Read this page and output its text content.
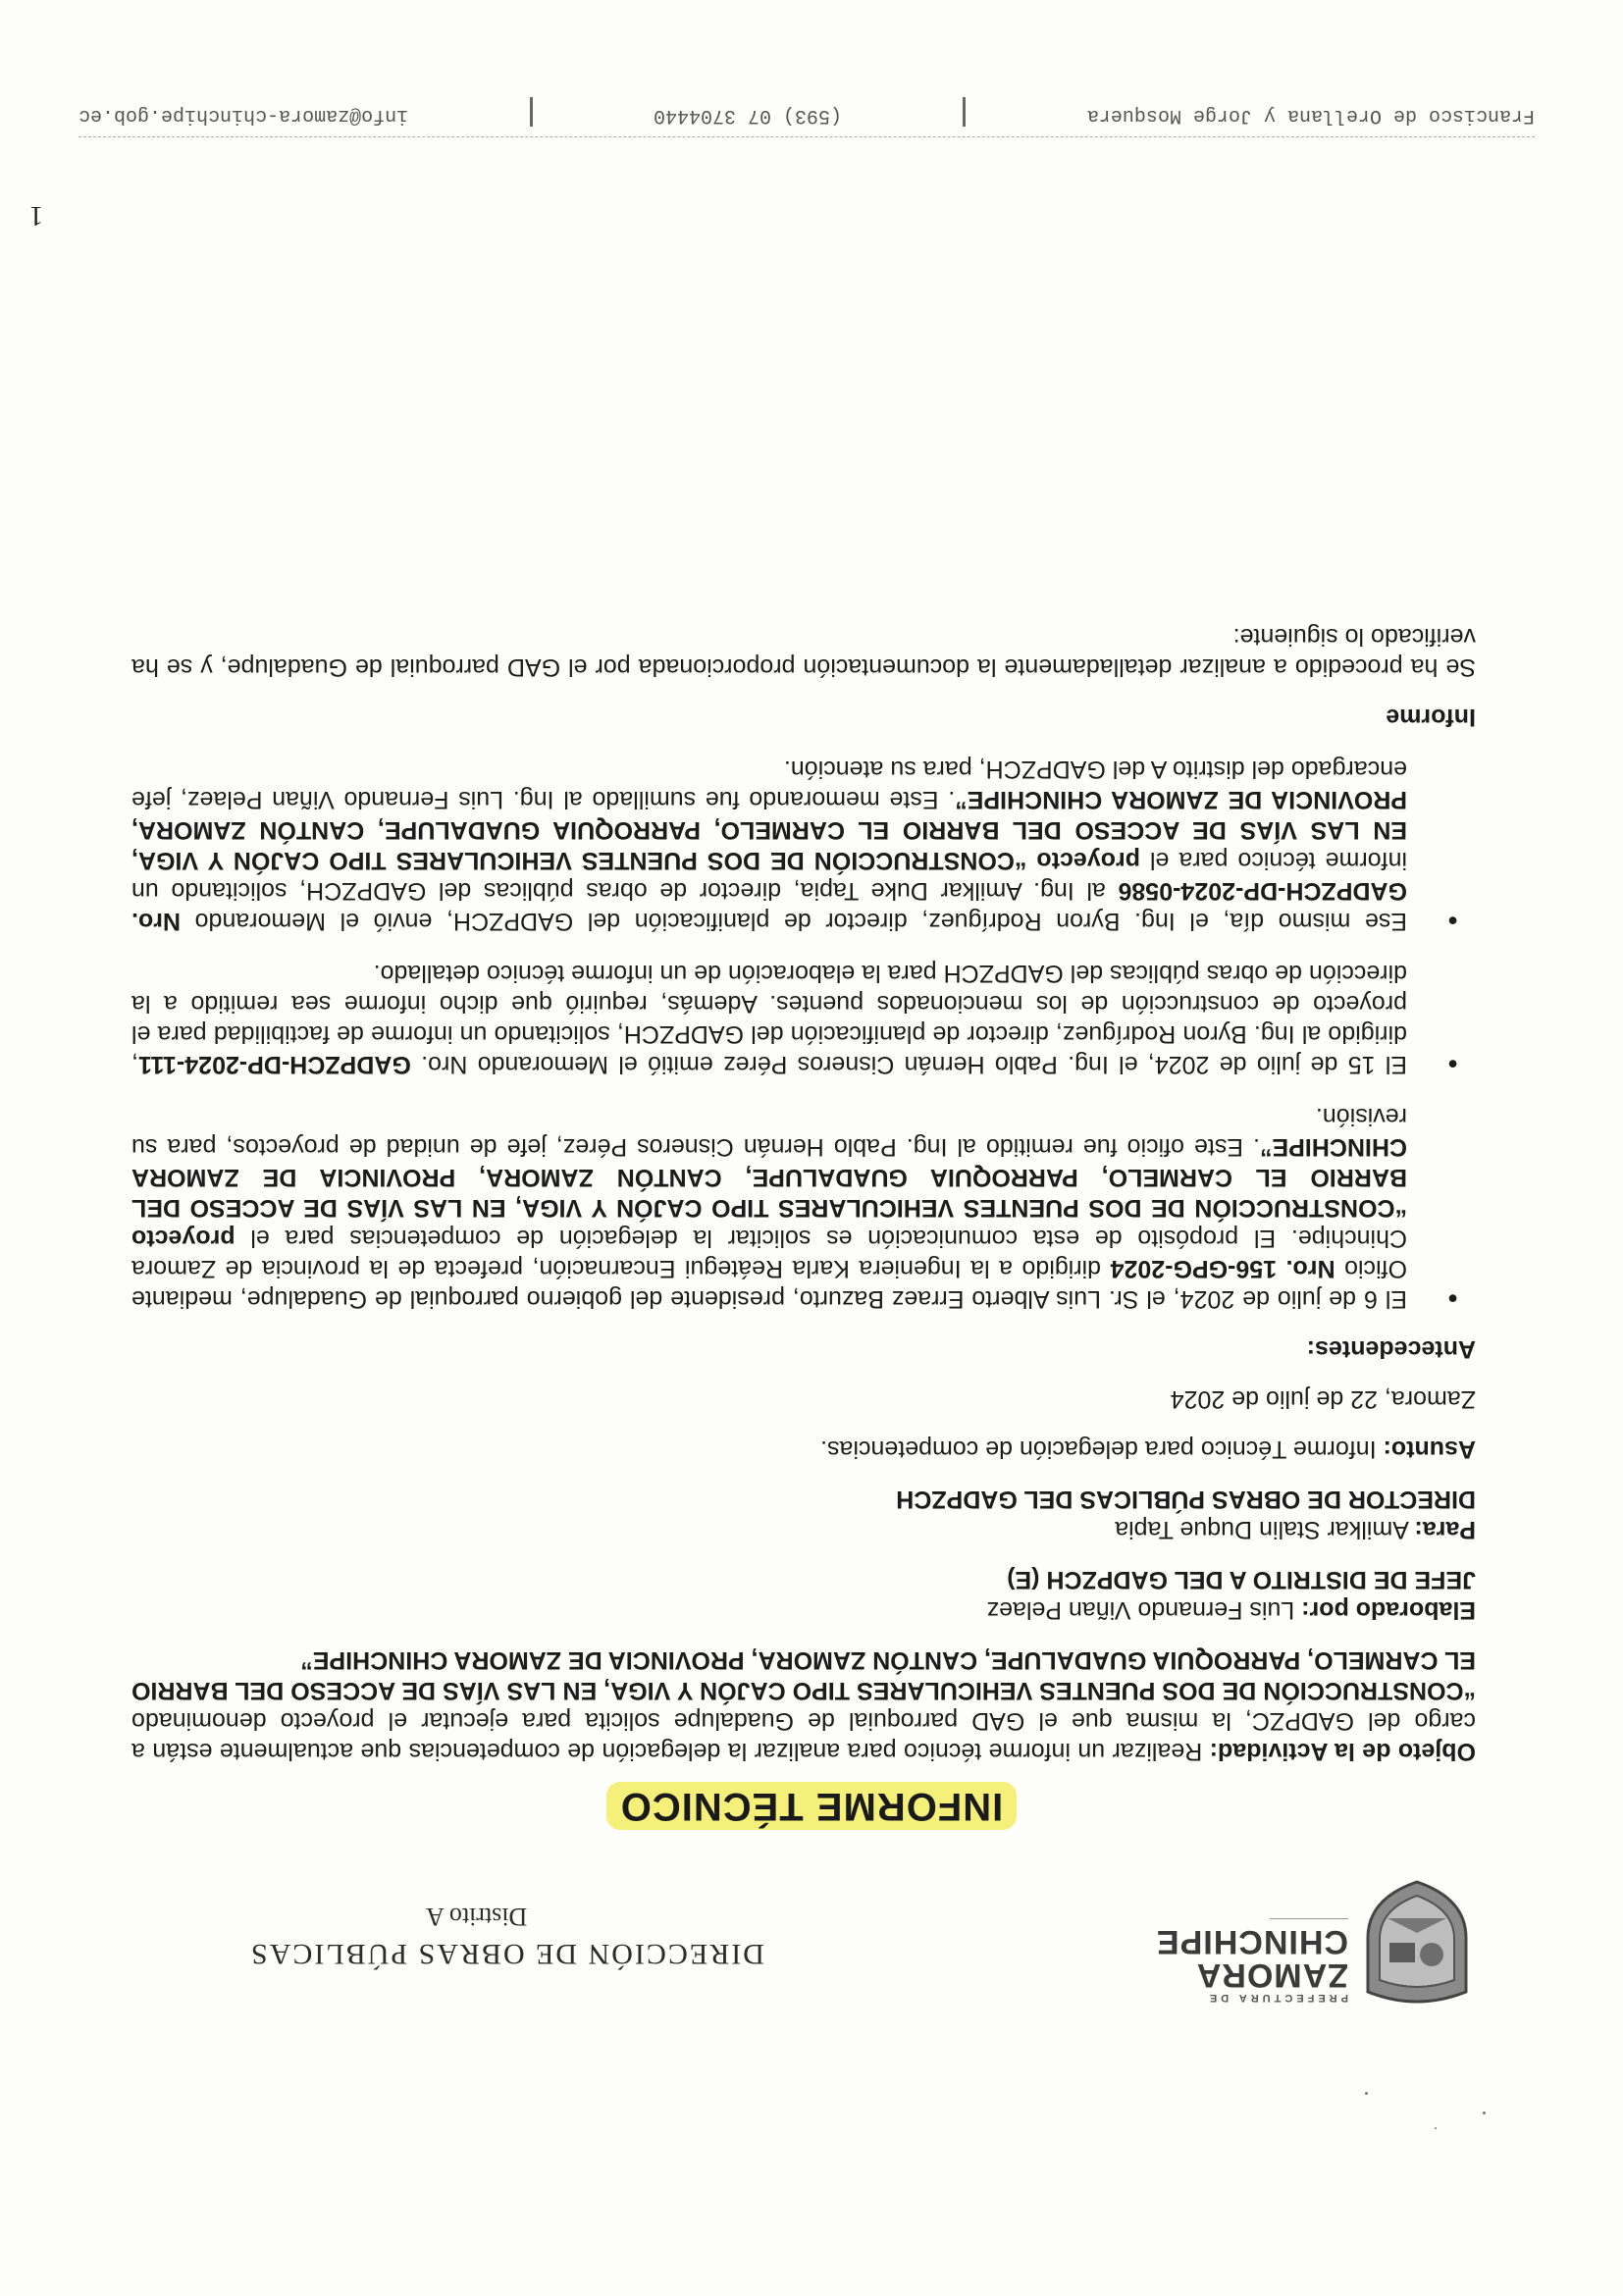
PREFECTURA DE
ZAMORA
CHINCHIPE
DIRECCIÓN DE OBRAS PÚBLICAS
Distrito A
INFORME TÉCNICO

Objeto de la Actividad: Realizar un informe técnico para analizar la delegación de competencias que actualmente están a cargo del GADPZC, la misma que el GAD parroquial de Guadalupe solicita para ejecutar el proyecto denominado “CONSTRUCCIÓN DE DOS PUENTES VEHICULARES TIPO CAJÓN Y VIGA, EN LAS VÍAS DE ACCESO DEL BARRIO EL CARMELO, PARROQUIA GUADALUPE, CANTÓN ZAMORA, PROVINCIA DE ZAMORA CHINCHIPE”

Elaborado por: Luis Fernando Viñan Pelaez
JEFE DE DISTRITO A DEL GADPZCH (E)
Para: Amilkar Stalin Duque Tapia
DIRECTOR DE OBRAS PÚBLICAS DEL GADPZCH

Asunto: Informe Técnico para delegación de competencias.

Zamora, 22 de julio de 2024

Antecedentes:

● El 6 de julio de 2024, el Sr. Luis Alberto Erraez Bazurto, presidente del gobierno parroquial de Guadalupe, mediante Oficio Nro. 156-GPG-2024 dirigido a la Ingeniera Karla Reátegui Encarnación, prefecta de la provincia de Zamora Chinchipe. El propósito de esta comunicación es solicitar la delegación de competencias para el proyecto “CONSTRUCCIÓN DE DOS PUENTES VEHICULARES TIPO CAJÓN Y VIGA, EN LAS VÍAS DE ACCESO DEL BARRIO EL CARMELO, PARROQUIA GUADALUPE, CANTÓN ZAMORA, PROVINCIA DE ZAMORA CHINCHIPE”. Este oficio fue remitido al Ing. Pablo Hernán Cisneros Pérez, jefe de unidad de proyectos, para su revisión.
● El 15 de julio de 2024, el Ing. Pablo Hernán Cisneros Pérez emitió el Memorando Nro. GADPZCH-DP-2024-111, dirigido al Ing. Byron Rodríguez, director de planificación del GADPZCH, solicitando un informe de factibilidad para el proyecto de construcción de los mencionados puentes. Además, requirió que dicho informe sea remitido a la dirección de obras públicas del GADPZCH para la elaboración de un informe técnico detallado.
● Ese mismo día, el Ing. Byron Rodríguez, director de planificación del GADPZCH, envió el Memorando Nro. GADPZCH-DP-2024-0586 al Ing. Amilkar Duke Tapia, director de obras públicas del GADPZCH, solicitando un informe técnico para el proyecto “CONSTRUCCIÓN DE DOS PUENTES VEHICULARES TIPO CAJÓN Y VIGA, EN LAS VÍAS DE ACCESO DEL BARRIO EL CARMELO, PARROQUIA GUADALUPE, CANTÓN ZAMORA, PROVINCIA DE ZAMORA CHINCHIPE”. Este memorando fue sumillado al Ing. Luis Fernando Viñan Pelaez, jefe encargado del distrito A del GADPZCH, para su atención.

Informe

Se ha procedido a analizar detalladamente la documentación proporcionada por el GAD parroquial de Guadalupe, y se ha verificado lo siguiente:

1
Francisco de Orellana y Jorge Mosquera
(593) 07 3704440
info@zamora-chinchipe.gob.ec
